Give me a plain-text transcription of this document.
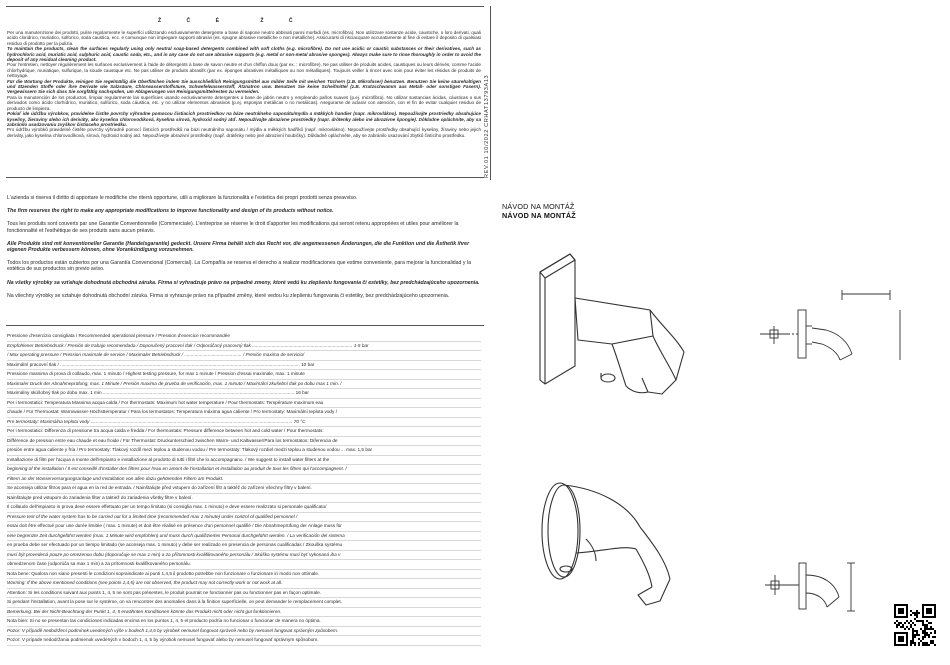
Ž	Č	É	Ž	Č
Per una manutenzione dei prodotti, pulire regolarmente le superfici utilizzando esclusivamente detergente a base di sapone neutro abbinati panni morbidi (es. microfibra). Non utilizzare sostanze acide, caustiche, o loro derivati, quali acido cloridrico, muriatico, solforico, soda caustica, ecc. e comunque non impiegare supporti abrasivi (es. spugne abrasive metalliche o non metalliche). Assicurarsi di risciacquare accuratamente al fine di evitare il deposito di qualsiasi residuo di prodotto per la pulizia.
To maintain the products, clean the surfaces regularly using only neutral soap-based detergents combined with soft cloths (e.g. microfibre). Do not use acidic or caustic substances or their derivatives, such as hydrochloric acid, muriatic acid, sulphuric acid, caustic soda, etc., and in any case do not use abrasive supports (e.g. metal or non-metal abrasive sponges). Always make sure to rinse thoroughly in order to avoid the deposit of any residual cleaning product.
Pour l'entretien, nettoyer régulièrement les surfaces exclusivement à l'aide de détergents à base de savon neutre et d'un chiffon doux (par ex. : microfibre). Ne pas utiliser de produits acides, caustiques ou leurs dérivés, comme l'acide chlorhydrique, muriatique, sulfurique, la soude caustique etc. Ne pas utiliser de produits abrasifs (par ex. éponges abrasives métalliques ou non métalliques). Toujours veiller à rincer avec soin pour éviter les résidus de produits de nettoyage.
Für die Wartung der Produkte, reinigen Sie regelmäßig die Oberflächen indem Sie ausschließlich Reinigungsmittel aus milder Seife mit weichen Tüchern (z.B. Mikrofaser) benutzen. Benutzen Sie keine säurehaltigen und ätzenden Stoffe oder ihre Derivate wie Salzsäure, Chlorwasserstoffsäure, Schwefelwasserstoff, Ätznatron usw. Benutzen Sie keine Scheifmittel (z.B. Kratzschwamm aus Metall- oder sonstigen Fasern). Vergewissern Sie sich dass Sie sorgfältig nachspülen, um Ablagerungen von Reinigungsmittelresten zu vermeiden.
Para la manutención de los productos, limpiar regularmente las superficies usando exclusivamente detergentes a base de jabón neutro y empleando paños suaves (p.ej. microfibra). No utilizar sustancias ácidas, cáusticas o sus derivados como ácido clorhídrico, muriático, sulfúrico, soda cáustica, etc. y no utilizar elementos abrasivos (p.ej. esponjas metálicas o no metálicas). Asegurarse de aclarar con atención, con el fin de evitar cualquier residuo de producto de limpieza.
Pokiaľ ide údržbu výrobkov, pravidelne čistite povrchy výhradne pomocou čistiacich prostriedkov na báze neutrálneho saponátu/mydla a mäkkých handier (napr. mikrovlákno). Nepoužívajte prostriedky obsahujúce kyseliny, žieraviny alebo ich deriváty, ako kyselina chlorovodíková, kyselina sírová, hydroxid sodný atď. Nepoužívajte abrazívne prostriedky (napr. drôtenky alebo iné abrazívne špongie). Dôkladne opláchnite, aby sa zabránilo usadzovaniu zvyškov čistiaceho prostriedku.
Pro údržbu výrobků pravidelně čistěte povrchy výhradně pomocí čisticích prostředků na bázi neutrálního saponátu / mýdla a měkkých hadříků (např. mikrovlákno). Nepoužívejte prostředky obsahující kyseliny, žíraviny nebo jejich deriváty, jako kyselina chlorovodíková, sírová, hydroxid sodný atd. Nepoužívejte abrazivní prostředky (např. drátěnky nebo jiné abrazivní houbičky). Důkladně opláchněte, aby se zabránilo usazování zbytků čisticího prostředku.

L'azienda si riserva il diritto di apportare le modifiche che riterrà opportune, utili a migliorare la funzionalità e l'estetica dei propri prodotti senza preavviso.

The firm reserves the right to make any appropriate modifications to improve functionality and design of its products without notice.

Tous les produits sont couverts par une Garantie Conventionnelle (Commerciale). L'entreprise se réserve le droit d'apporter les modifications qui seront retenu appropriées et utiles pour améliorer la fonctionnalité et l'esthétique de ses produits sans aucun préavis.

Alle Produkte sind mit konventioneller Garantie (Handelsgarantie) gedeckt. Unsere Firma behält sich das Recht vor, die angemessenen Änderungen, die die Funktion und die Ästhetik ihrer eigenen Produkte verbessern können, ohne Vorankündigung vorzunehmen.

Todos los productos están cubiertos por una Garantía Convencional (Comercial). La Compañía se reserva el derecho a realizar modificaciones que estime conveniente, para mejorar la funcionalidad y la estética de sus productos sin previo aviso.

Na všetky výrobky sa vzťahuje dohodnutá obchodná záruka. Firma si vyhradzuje právo na prípadné zmeny, ktoré vedú ku zlepšeniu fungovania či estetiky, bez predchádzajúceho upozornenia.

Na všechny výrobky se vztahuje dohodnutá obchodní záruka. Firma si vyhrazuje právo na případné změny, které vedou ku zlepšeniu fungovania či estetiky, bez predchádzajúceho upozornenia.

Pressione d'esercizio consigliata / Recommended operational pressure / Pression d'exercice recommandée
Empfohlener Betriebsdruck / Presión de trabajo recomendada / Doporučený pracovní tlak / Odporúčaný pracovný tlak ............................................................................. 1-5 bar
/ Max operating pressure / Pression maximale de service / Maximaler Betriebsdruck / ............................................ / Presión maxima de servicio/
Maximální pracovní tlak / ........................................................................................................................................................................................ 10 bar
Pressione massima di prova di collaudo, max. 1 minuto / Highest testing pressure, for max 1 minute / Pression d'essai maximale, max. 1 minute
Maximaler Druck der Abnahmeprüfung, max. 1 Minute / Presión maxima de prueba de verificación, max. 1 minuto / Maximální zkušební tlak po dobu max 1 min. /
Maximálny skúšobný tlak po dobu max. 1 min ................................................................................................................................................... 16 bar
Per i termostatici: Temperatura Massima acqua calda / For thermostats: Maximum hot water temperature / Pour thermostats: Température maximum eau
chaude / Für Thermostat: Warmwasser-Höchsttemperatur / Para los termostatos: Temperatura máxima agua caliente / Pro termostaty: Maximální teplota vody /
Pre termostaty: Maximálna teplota vody ........................................................................................................................................................... 70 °C
Per i termostatici: Differenza di pressione tra acqua calda e fredda / For thermostats: Pressure difference between hot and cold water / Pour thermostats:
Différence de pression entre eau chaude et eau froide / Für Thermostat: Druckunterschied zwischen Warm- und Kaltwasser/Para los termostatos: Diferencia de
presión entre agua caliente y fría / Pro termostaty: Tlakový rozdíl mezi teplou a studenou vodou / Pre termostaty: Tlakový rozdiel medzi teplou a studenou vodou ... max. 1,5 bar
Installazione di filtri per l'acqua a monte dell'impianto e installazione al prodotto di tutti i filtri che lo accompagnano. / We suggest to install water filters at the
beginning of the installation / Il est conseillé d'installer des filtres pour l'eau en amont de l'installation et installation au produit de tous les filtres qui l'accompagnent. /
Filtern an der Wasserversorgungsanlage und Installation von allen dazu gehörenden Filtern am Produkt.
Se aconseja utilizar filtros para el agua en la red de entrada. / Nainštalujte před vstupem do zařízení filtr a taktéž do zařízení všechny filtry v balení.
Nainštalujte pred vstupom do zariadenia filter a taktiež do zariadenia všetky filtre v balení.
Il collaudo dell'impianto in prova deve essere effettuato per un tempo limitato (si consiglia max. 1 minuto) e deve essere realizzato si personale qualificato/
Pressure test of the water system has to be carried out for a limited time (recommended max 1 minute) under control of qualified personnel /
essai doit être effectué pour une durée limitée ( max. 1 minute) et doit être réalisé en présence d'un personnel qualifié / Die Abnahmeprüfung der Anlage muss für
eine begrenzte Zeit durchgeführt werden (max. 1 Minute wird empfohlen) und muss durch qualifiziertes Personal durchgeführt werden. / La verificación del sistema
en prueba debe ser efectuado por un tiempo limitado (se aconseja max. 1 minuto) y debe ser realizado en presencia de personas cualificadas / Zkouška systému
musí být provedená pouze po omezenou dobu (doporučuje se max 1 min) a za přítomnosti kvalifikovaného personálu / Skúška systému musí byť vykonaná iba v
obmedzenom čase (odporúča sa max 1 min) a za prítomnosti kvalifikovaného personálu.
Nota bene: Qualora non siano presenti le condizioni sopraindicate ai punti 1,4,5 il prodotto potrebbe non funzionare o funzionare in modo non ottimale.
Warning: If the above mentioned conditions (see points 1,4,5) are not observed, the product may not correctly work or not work at all.
Attention: Si les conditions suivant aux points 1, 4, 5 ne sont pas présentes, le produit pourrait ne fonctionner pas ou fonctionner pas en façon optimale.
Si pendant l'installation, avant la pose sur le système, on va rencontrer des anomalies dans à la finition superficielle, on peut demander le remplacement complet.
Bemerkung: Bei der Nicht-Beachtung der Punkt 1, 4, 5 erwähnten Konditionen könnte das Produkt nicht oder nicht gut funktionieren.
Nota bien: Si no se presentan las condiciones indicadas encima en los puntos 1, 4, 5 el producto podría no funcionar o funcionar de manera no óptima.
Pozor: V případě nedodržení podmínek uvedených výše v bodech 1,4,5 by výrobek nemusel fungovat správně nebo by nemusel fungovat správným způsobem.
Pozor: V prípade nedodržania podmienok uvedených v bodoch 1, 4, 5 by výrobok nemusel fungovať alebo by nemusel fungovať správnym spôsobom.
REV.01 10/2022 CRHAT13793A13
NÁVOD NA MONTÁŽ
NÁVOD NA MONTÁŽ
